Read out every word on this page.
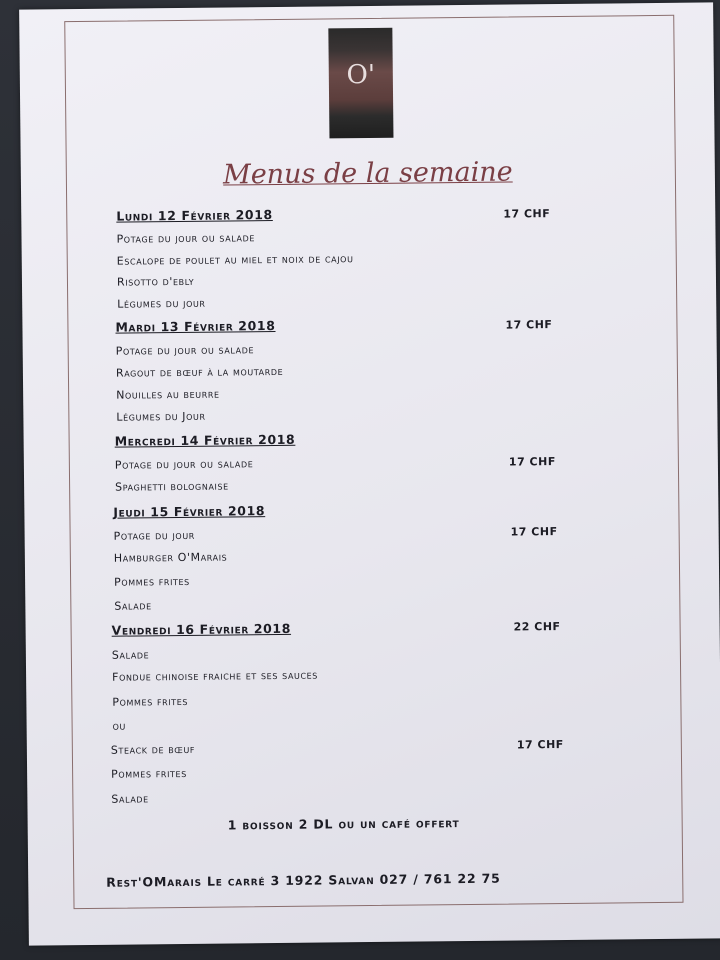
O'
Menus de la semaine
Lundi 12 Février 2018	17 CHF
Potage du jour ou salade
Escalope de poulet au miel et noix de cajou
Risotto d'ebly
Légumes du jour
Mardi 13 Février 2018	17 CHF
Potage du jour ou salade
Ragout de bœuf à la moutarde
Nouilles au beurre
Légumes du Jour
Mercredi 14 Février 2018
17 CHF
Potage du jour ou salade
Spaghetti bolognaise
Jeudi 15 Février 2018
17 CHF
Potage du jour
Hamburger O'Marais
Pommes frites
Salade
Vendredi 16 Février 2018	22 CHF
Salade
Fondue chinoise fraiche et ses sauces
Pommes frites
ou
Steack de bœuf	17 CHF
Pommes frites
Salade
1 boisson 2 DL ou un café offert
Rest'OMarais Le carré 3 1922 Salvan 027 / 761 22 75
